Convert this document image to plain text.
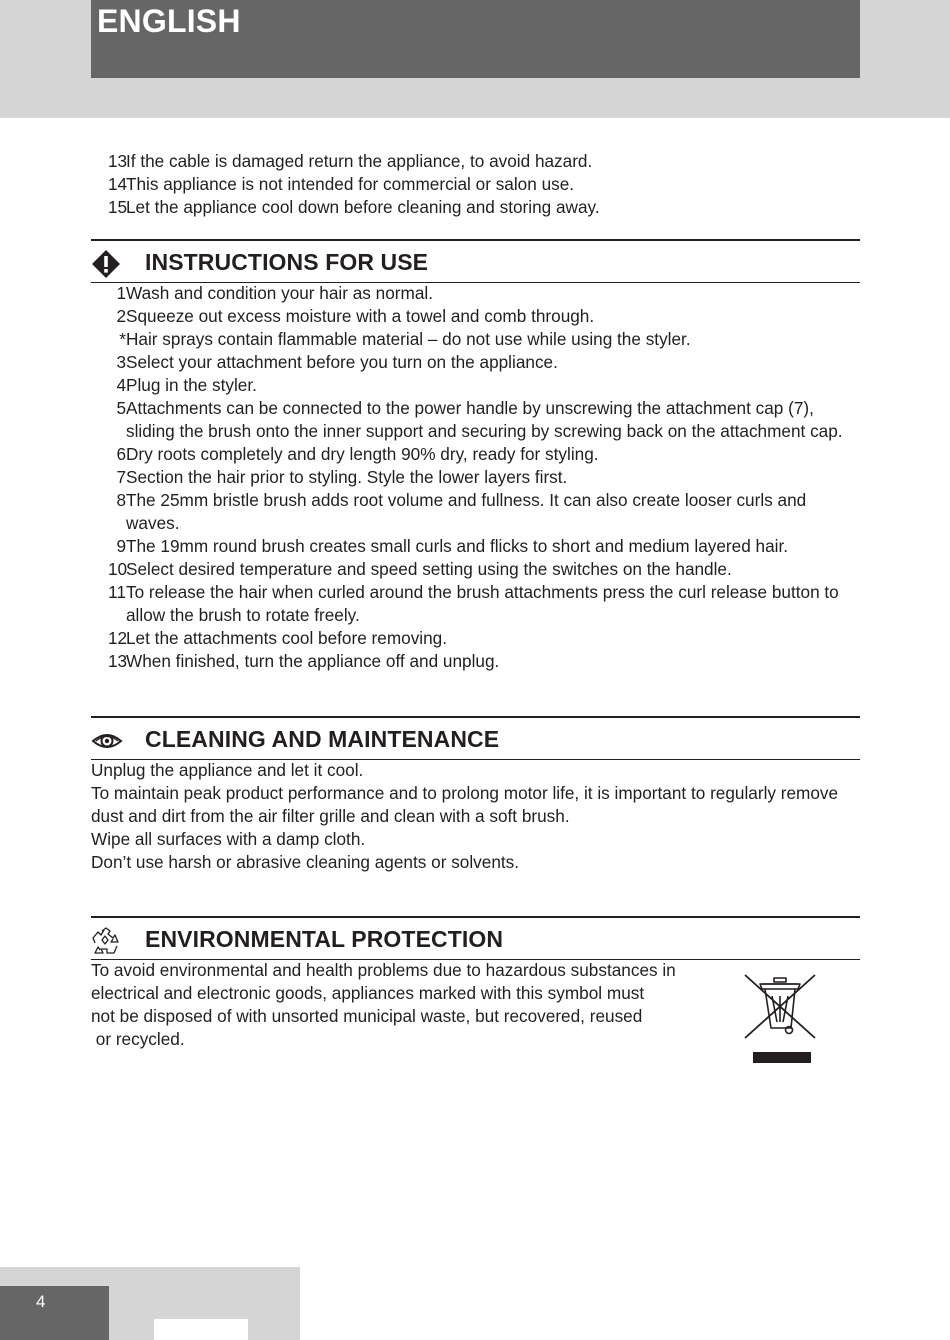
ENGLISH
13
If the cable is damaged return the appliance, to avoid hazard.
14
This appliance is not intended for commercial or salon use.
15
Let the appliance cool down before cleaning and storing away.
INSTRUCTIONS FOR USE
1 Wash and condition your hair as normal.
2 Squeeze out excess moisture with a towel and comb through.
* Hair sprays contain flammable material – do not use while using the styler.
3 Select your attachment before you turn on the appliance.
4 Plug in the styler.
5 Attachments can be connected to the power handle by unscrewing the attachment cap (7), sliding the brush onto the inner support and securing by screwing back on the attachment cap.
6 Dry roots completely and dry length 90% dry, ready for styling.
7 Section the hair prior to styling. Style the lower layers first.
8 The 25mm bristle brush adds root volume and fullness. It can also create looser curls and waves.
9 The 19mm round brush creates small curls and flicks to short and medium layered hair.
10
Select desired temperature and speed setting using the switches on the handle.
11 To release the hair when curled around the brush attachments press the curl release button to allow the brush to rotate freely.
12
Let the attachments cool before removing.
13
When finished, turn the appliance off and unplug.
CLEANING AND MAINTENANCE

Unplug the appliance and let it cool.

To maintain peak product performance and to prolong motor life, it is important to regularly remove dust and dirt from the air filter grille and clean with a soft brush.

Wipe all surfaces with a damp cloth.

Don’t use harsh or abrasive cleaning agents or solvents.

ENVIRONMENTAL PROTECTION
To avoid environmental and health problems due to hazardous substances in
electrical and electronic goods, appliances marked with this symbol must
not be disposed of with unsorted municipal waste, but recovered, reused
or recycled.
4
